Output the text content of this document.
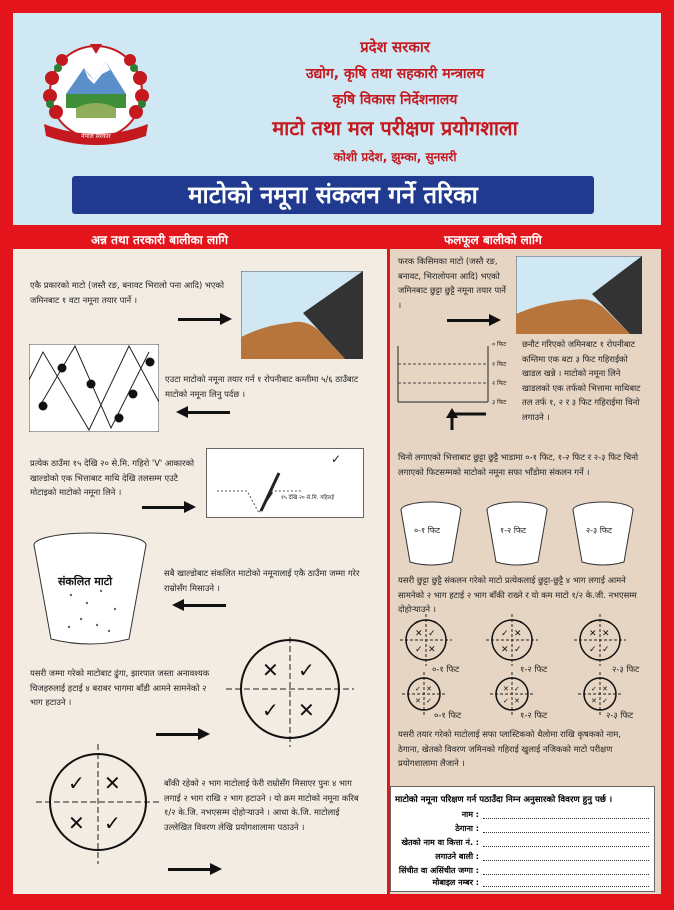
नेपाल सरकार
प्रदेश सरकार
उद्योग, कृषि तथा सहकारी मन्त्रालय
कृषि विकास निर्देशनालय
माटो तथा मल परीक्षण प्रयोगशाला
कोशी प्रदेश, झुम्का, सुनसरी
माटोको नमूना संकलन गर्ने तरिका
अन्न तथा तरकारी बालीका लागि	फलफूल बालीको लागि
एकै प्रकारको माटो (जस्तै रङ, बनावट भिरालो पना आदि) भएको जमिनबाट १ वटा नमूना तयार पार्ने ।
एउटा माटोको नमूना तयार गर्न १ रोपनीबाट कम्तीमा ५/६ ठाउँबाट माटोको नमूना लिनु पर्दछ ।
प्रत्येक ठाउँमा १५ देखि २० से.मि. गहिरो 'V' आकारको खाल्डोको एक भित्ताबाट माथि देखि तलसम्म एउटै मोटाइको माटोको नमूना लिने ।
✓
१५ देखि २० से.मि. गहिराई
संकलित माटो
सबै खाल्डोबाट संकलित माटोको नमूनालाई एकै ठाउँमा जम्मा गरेर राम्रोसँग मिसाउने ।
यसरी जम्मा गरेको माटोबाट ढुंगा, झारपात जस्ता अनावश्यक चिजहरुलाई हटाई ४ बराबर भागमा बाँडी आमने सामनेको २ भाग हटाउने ।
✕ ✓
✓ ✕
✓ ✕
✕ ✓
बाँकी रहेको २ भाग माटोलाई फेरी राम्रोसँग मिसाएर पुनः ४ भाग लगाई २ भाग राखि २ भाग हटाउने । यो क्रम माटोको नमूना करिब १/२ के.जि. नभएसम्म दोहोऱ्याउने । आधा के.जि. माटोलाई उल्लेखित विवरण लेखि प्रयोगशालामा पठाउने ।
फरक किसिमका माटो (जस्तै रङ, बनावट, भिरालोपना आदि) भएको जमिनबाट छुट्टा छुट्टै नमूना तयार पार्ने ।
० फिट
१ फिट
२ फिट
३ फिट
छनौट गरिएको जमिनबाट १ रोपनीबाट कम्तिमा एक बटा ३ फिट गहिराईको खाडल खन्ने । माटोको नमूना लिने खाडलको एक तर्फको भित्तामा माथिबाट तल तर्फ १, २ र ३ फिट गहिराईमा चिनो लगाउने ।
चिनो लगाएको भित्ताबाट छुट्टा छुट्टै भाडामा ०-१ फिट, १-२ फिट र २-३ फिट चिनो लगाएको फिटसम्मको माटोको नमूना सफा भाँडोमा संकलन गर्ने ।
०-१ फिट	१-२ फिट	२-३ फिट
यसरी छुट्टा छुट्टै संकलन गरेको माटो प्रत्येकलाई छुट्टा-छुट्टै ४ भाग लगाई आमने सामनेको २ भाग हटाई २ भाग बाँकी राख्ने र यो कम माटो १/२ के.जी. नभएसम्म दोहोऱ्याउने ।
✕ ✓
✓ ✕
✓ ✕
✕ ✓
✕ ✕
✓ ✓
०-१ फिट	१-२ फिट	२-३ फिट
✓ ✕
✕ ✓
✕ ✓
✓ ✕
✓ ✕
✕ ✓
०-१ फिट	१-२ फिट	२-३ फिट
यसरी तयार गरेको माटोलाई सफा प्लास्टिकको थैलोमा राखि कृषकको नाम, ठेगाना, खेतको विवरण जमिनको गहिराई खुलाई नजिकको माटो परीक्षण प्रयोगशालामा लैजाने ।
माटोको नमूना परिक्षण गर्न पठाउँदा निम्न अनुसारको विवरण हुनु पर्छ ।
नाम :
ठेगाना :
खेतको नाम वा कित्ता नं. :
लगाउने बाली :
सिंचीत वा असिंचीत जग्गा :
मोबाइल नम्बर :
